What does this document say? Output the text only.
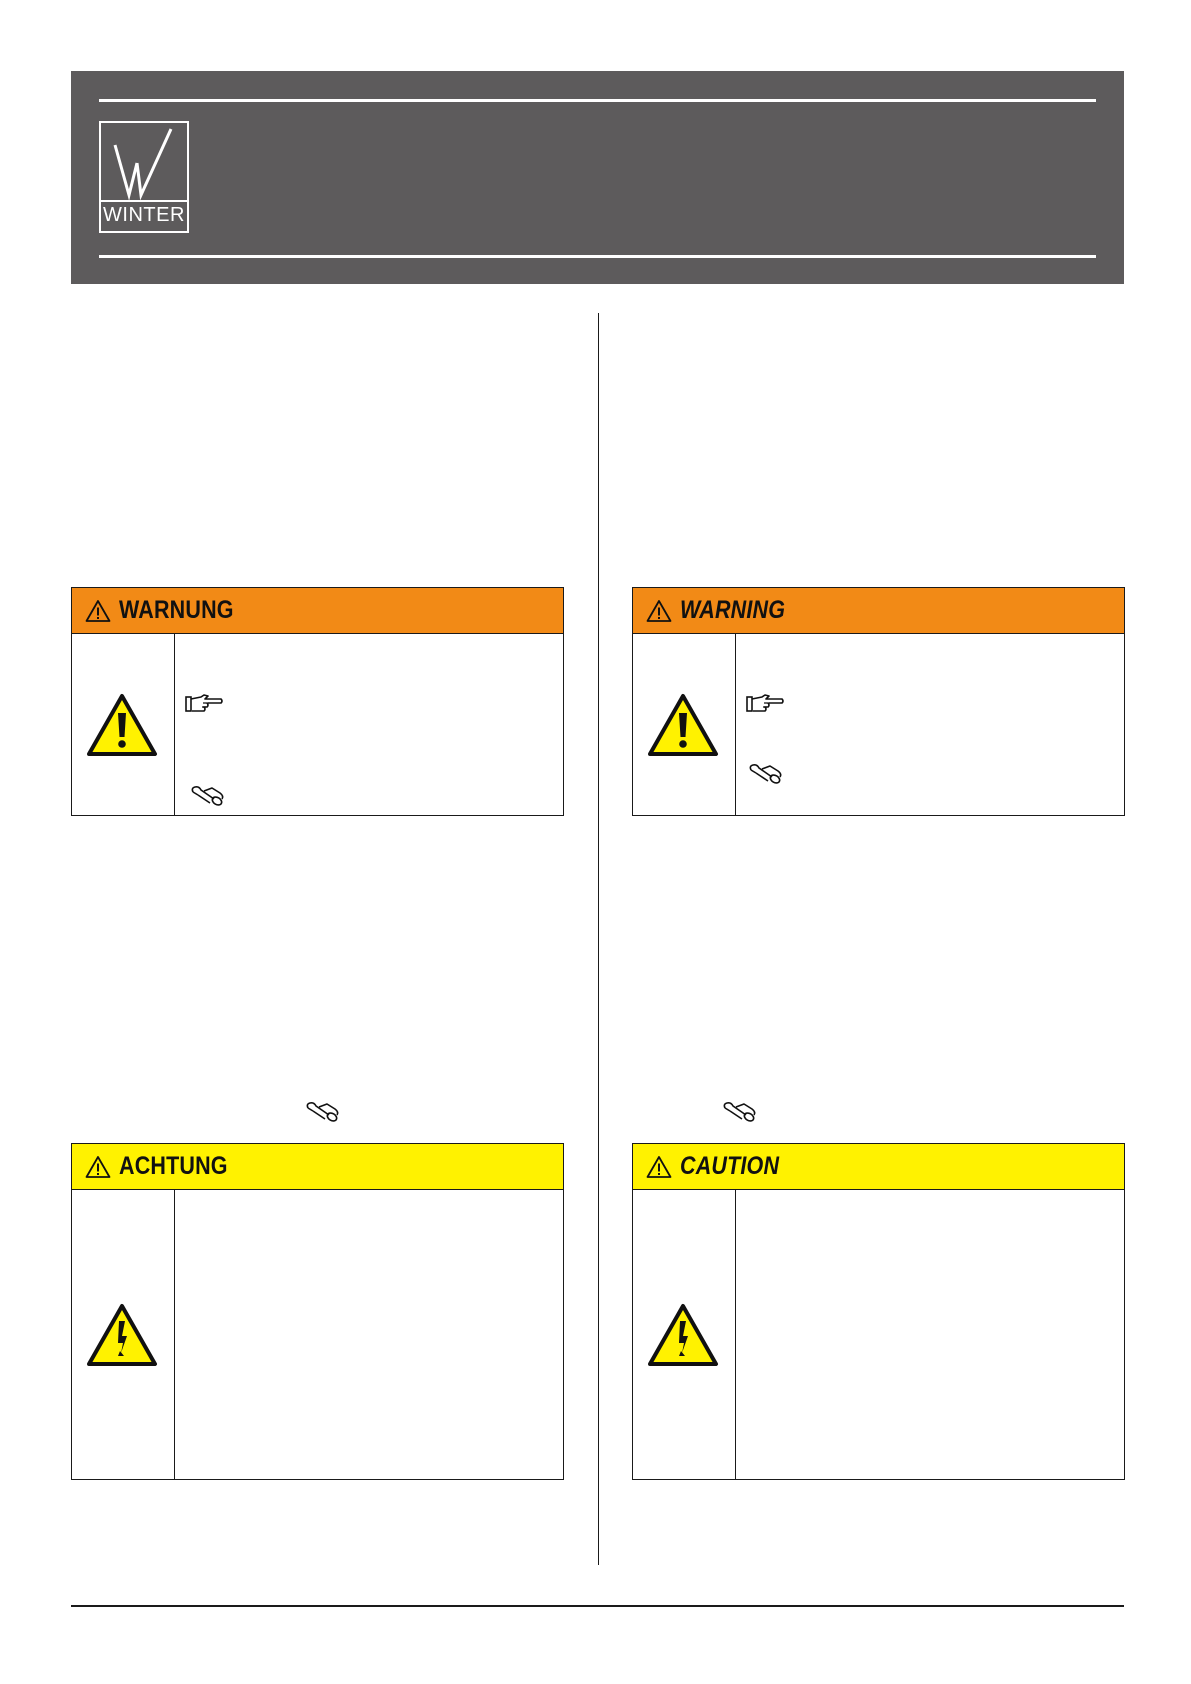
WINTER
WARNUNG	WARNING
ACHTUNG	CAUTION
